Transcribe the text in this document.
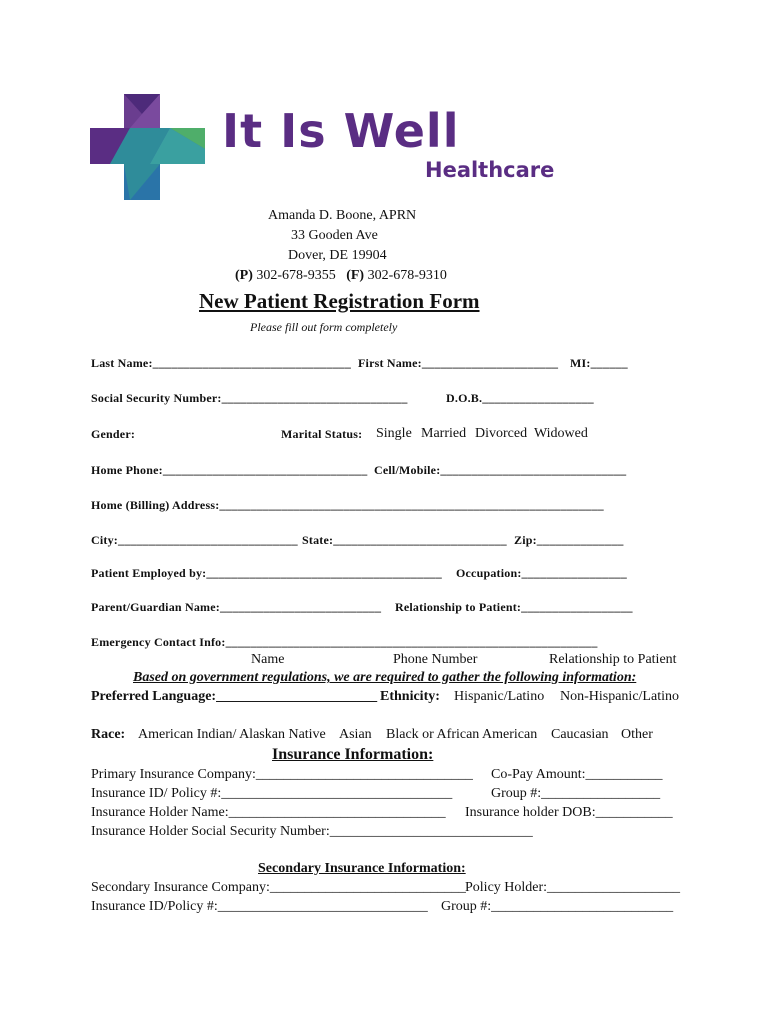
It Is Well
Healthcare
Amanda D. Boone, APRN
33 Gooden Ave
Dover, DE 19904
(P) 302-678-9355 (F) 302-678-9310
New Patient Registration Form
Please fill out form completely
Last Name:________________________________ First Name:______________________ MI:______
Social Security Number:______________________________	D.O.B.__________________
Gender:	Marital Status: Single Married Divorced Widowed
Home Phone:_________________________________ Cell/Mobile:______________________________
Home (Billing) Address:______________________________________________________________
City:_____________________________ State:____________________________ Zip:______________
Patient Employed by:______________________________________ Occupation:_________________
Parent/Guardian Name:__________________________ Relationship to Patient:__________________
Emergency Contact Info:____________________________________________________________
Name	Phone Number	Relationship to Patient
Based on government regulations, we are required to gather the following information:
Preferred Language:_______________________ Ethnicity: Hispanic/Latino Non-Hispanic/Latino
Race: American Indian/ Alaskan Native Asian Black or African American Caucasian Other
Insurance Information:
Primary Insurance Company:_______________________________ Co-Pay Amount:___________
Insurance ID/ Policy #:_________________________________	Group #:_________________
Insurance Holder Name:_______________________________ Insurance holder DOB:___________
Insurance Holder Social Security Number:_____________________________
Secondary Insurance Information:
Secondary Insurance Company:____________________________ Policy Holder:___________________
Insurance ID/Policy #:______________________________ Group #:__________________________
